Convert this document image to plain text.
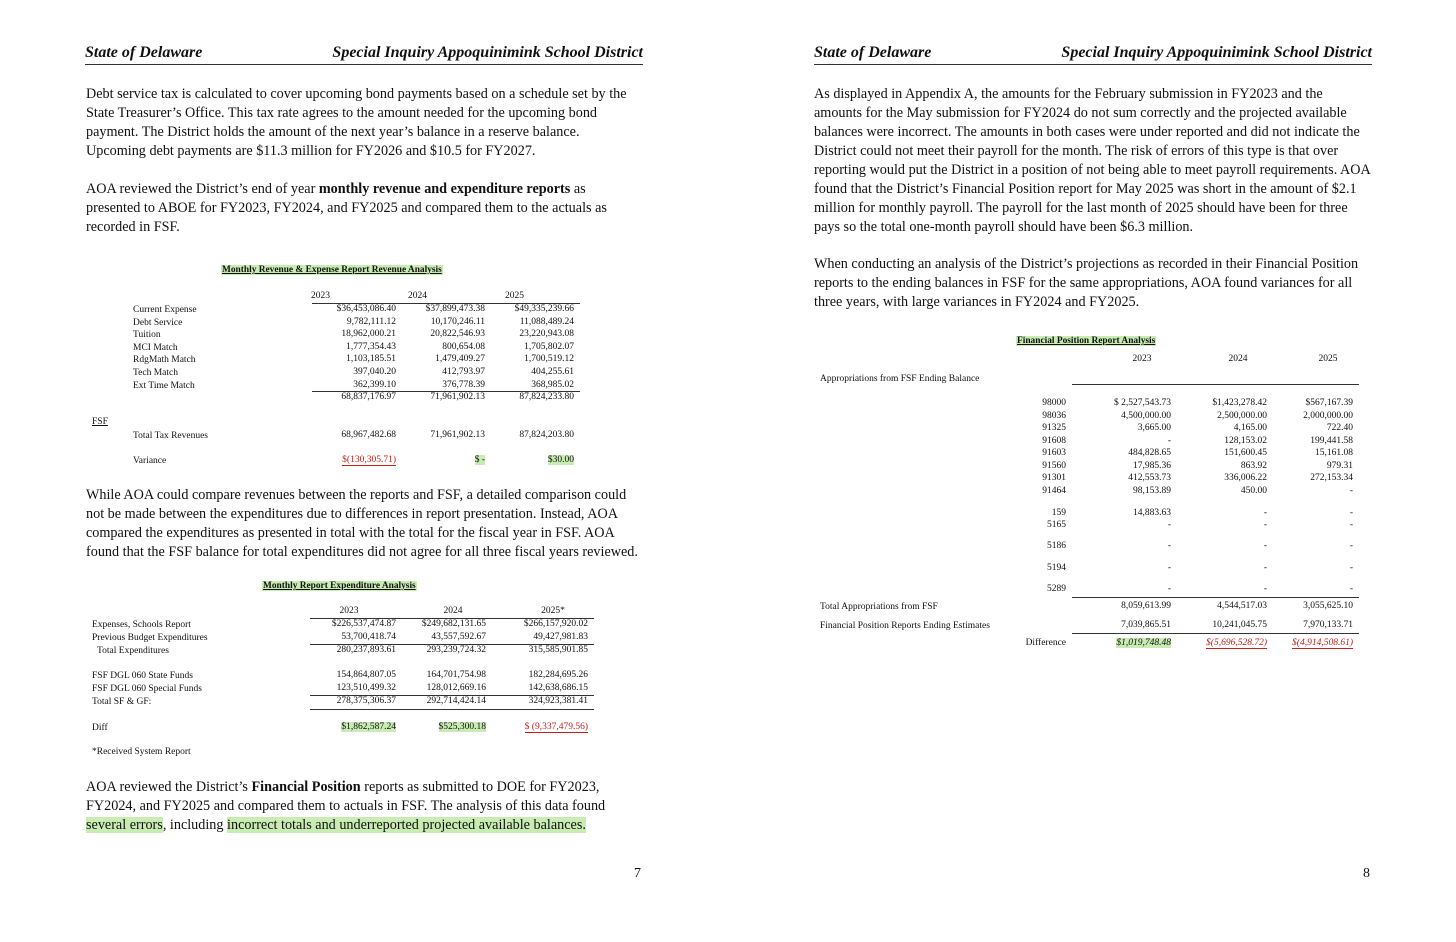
State of Delaware	Special Inquiry Appoquinimink School District

Debt service tax is calculated to cover upcoming bond payments based on a schedule set by the State Treasurer’s Office. This tax rate agrees to the amount needed for the upcoming bond payment. The District holds the amount of the next year’s balance in a reserve balance. Upcoming debt payments are $11.3 million for FY2026 and $10.5 for FY2027.

AOA reviewed the District’s end of year monthly revenue and expenditure reports as presented to ABOE for FY2023, FY2024, and FY2025 and compared them to the actuals as recorded in FSF.

Monthly Revenue & Expense Report Revenue Analysis

While AOA could compare revenues between the reports and FSF, a detailed comparison could not be made between the expenditures due to differences in report presentation. Instead, AOA compared the expenditures as presented in total with the total for the fiscal year in FSF. AOA found that the FSF balance for total expenditures did not agree for all three fiscal years reviewed.

Monthly Report Expenditure Analysis

AOA reviewed the District’s Financial Position reports as submitted to DOE for FY2023, FY2024, and FY2025 and compared them to actuals in FSF. The analysis of this data found several errors, including incorrect totals and underreported projected available balances.

7
2023	2024	2025
Current Expense	$36,453,086.40	$37,899,473.38	$49,335,239.66
Debt Service	9,782,111.12	10,170,246.11	11,088,489.24
Tuition	18,962,000.21	20,822,546.93	23,220,943.08
MCI Match	1,777,354.43	800,654.08	1,705,802.07
RdgMath Match	1,103,185.51	1,479,409.27	1,700,519.12
Tech Match	397,040.20	412,793.97	404,255.61
Ext Time Match	362,399.10	376,778.39	368,985.02
68,837,176.97	71,961,902.13	87,824,233.80
FSF
Total Tax Revenues	68,967,482.68	71,961,902.13	87,824,203.80
Variance	$(130,305.71)	$ -	$30.00
2023	2024	2025*
Expenses, Schools Report	$226,537,474.87	$249,682,131.65	$266,157,920.02
Previous Budget Expenditures	53,700,418.74	43,557,592.67	49,427,981.83
Total Expenditures	280,237,893.61	293,239,724.32	315,585,901.85
FSF DGL 060 State Funds	154,864,807.05	164,701,754.98	182,284,695.26
FSF DGL 060 Special Funds	123,510,499.32	128,012,669.16	142,638,686.15
Total SF & GF:	278,375,306.37	292,714,424.14	324,923,381.41
Diff	$1,862,587.24	$525,300.18	$ (9,337,479.56)
*Received System Report
State of Delaware	Special Inquiry Appoquinimink School District

As displayed in Appendix A, the amounts for the February submission in FY2023 and the amounts for the May submission for FY2024 do not sum correctly and the projected available balances were incorrect. The amounts in both cases were under reported and did not indicate the District could not meet their payroll for the month. The risk of errors of this type is that over reporting would put the District in a position of not being able to meet payroll requirements. AOA found that the District’s Financial Position report for May 2025 was short in the amount of $2.1 million for monthly payroll. The payroll for the last month of 2025 should have been for three pays so the total one-month payroll should have been $6.3 million.

When conducting an analysis of the District’s projections as recorded in their Financial Position reports to the ending balances in FSF for the same appropriations, AOA found variances for all three years, with large variances in FY2024 and FY2025.

Financial Position Report Analysis
8
2023	2024	2025
Appropriations from FSF Ending Balance
98000	$ 2,527,543.73	$1,423,278.42	$567,167.39
98036	4,500,000.00	2,500,000.00	2,000,000.00
91325	3,665.00	4,165.00	722.40
91608	-	128,153.02	199,441.58
91603	484,828.65	151,600.45	15,161.08
91560	17,985.36	863.92	979.31
91301	412,553.73	336,006.22	272,153.34
91464	98,153.89	450.00	-
159	14,883.63	-	-
5165	-	-	-
5186	-	-	-
5194	-	-	-
5289	-	-	-
Total Appropriations from FSF	8,059,613.99	4,544,517.03	3,055,625.10
Financial Position Reports Ending Estimates	7,039,865.51	10,241,045.75	7,970,133.71
Difference	$1,019,748.48	$(5,696,528.72)	$(4,914,508.61)
